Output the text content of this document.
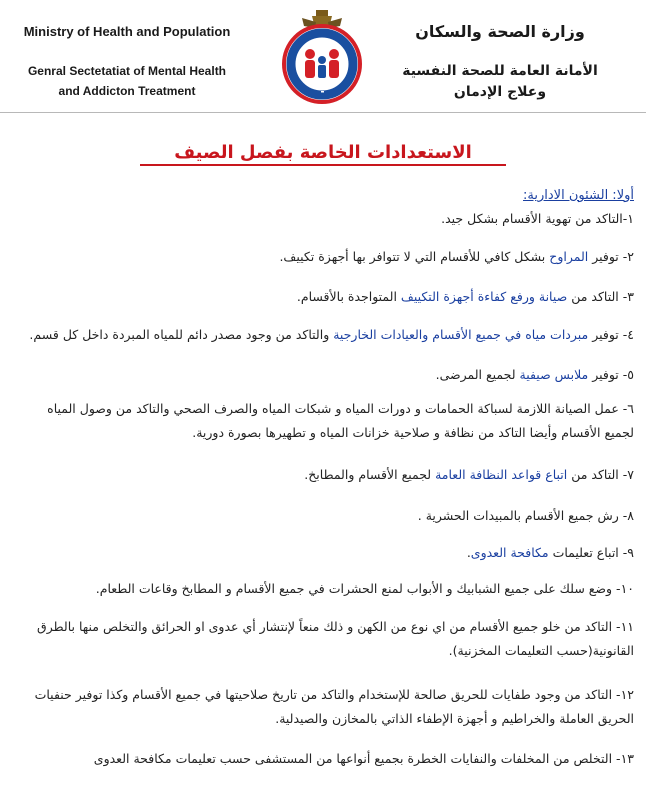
Ministry of Health and Population
Genral Sectetatiat of Mental Health
and Addicton Treatment
وزارة الصحة والسكان
الأمانة العامة للصحة النفسية
وعلاج الإدمان
الاستعدادات الخاصة بفصل الصيف
أولا: الشئون الادارية:
١-التاكد من تهوية الأقسام بشكل جيد.
٢- توفير المراوح بشكل كافي للأقسام التي لا تتوافر بها أجهزة تكييف.
٣- التاكد من صيانة ورفع كفاءة أجهزة التكييف المتواجدة بالأقسام.
٤- توفير مبردات مياه في جميع الأقسام والعيادات الخارجية والتاكد من وجود مصدر دائم للمياه المبردة داخل كل قسم.
٥- توفير ملابس صيفية لجميع المرضى.
٦- عمل الصيانة اللازمة لسباكة الحمامات و دورات المياه و شبكات المياه والصرف الصحي والتاكد من وصول المياه
لجميع الأقسام وأيضا التاكد من نظافة و صلاحية خزانات المياه و تطهيرها بصورة دورية.
٧- التاكد من اتباع قواعد النظافة العامة لجميع الأقسام والمطابخ.
٨- رش جميع الأقسام بالمبيدات الحشرية .
٩- اتباع تعليمات مكافحة العدوى.
١٠- وضع سلك على جميع الشبابيك و الأبواب لمنع الحشرات في جميع الأقسام و المطابخ وقاعات الطعام.
١١- التاكد من خلو جميع الأقسام من اي نوع من الكهن و ذلك منعاً لإنتشار أي عدوى او الحرائق والتخلص منها بالطرق
القانونية(حسب التعليمات المخزنية).
١٢- التاكد من وجود طفايات للحريق صالحة للإستخدام والتاكد من تاريخ صلاحيتها في جميع الأقسام وكذا توفير حنفيات
الحريق العاملة والخراطيم و أجهزة الإطفاء الذاتي بالمخازن والصيدلية.
١٣- التخلص من المخلفات والنفايات الخطرة بجميع أنواعها من المستشفى حسب تعليمات مكافحة العدوى
